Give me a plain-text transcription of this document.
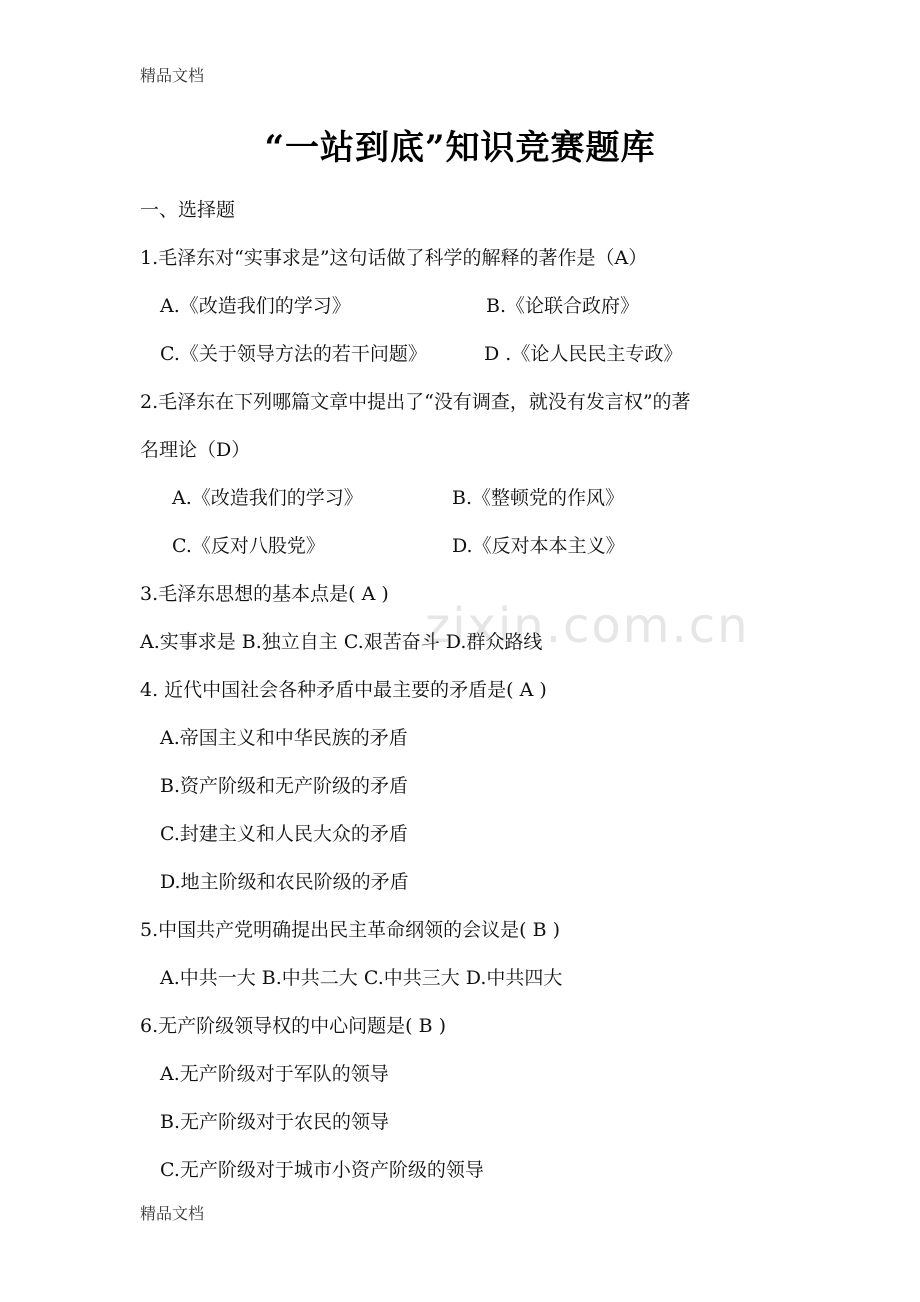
zixin.com.cn
精品文档
“一站到底”知识竞赛题库
一、选择题
1.毛泽东对“实事求是”这句话做了科学的解释的著作是（A）
A.《改造我们的学习》	B.《论联合政府》
C.《关于领导方法的若干问题》	D .《论人民民主专政》
2.毛泽东在下列哪篇文章中提出了“没有调查，就没有发言权”的著
名理论（D）
A.《改造我们的学习》	B.《整顿党的作风》
C.《反对八股党》	D.《反对本本主义》
3.毛泽东思想的基本点是( A )
A.实事求是 B.独立自主 C.艰苦奋斗 D.群众路线
4. 近代中国社会各种矛盾中最主要的矛盾是( A )
A.帝国主义和中华民族的矛盾
B.资产阶级和无产阶级的矛盾
C.封建主义和人民大众的矛盾
D.地主阶级和农民阶级的矛盾
5.中国共产党明确提出民主革命纲领的会议是( B )
A.中共一大 B.中共二大 C.中共三大 D.中共四大
6.无产阶级领导权的中心问题是( B )
A.无产阶级对于军队的领导
B.无产阶级对于农民的领导
C.无产阶级对于城市小资产阶级的领导
精品文档
